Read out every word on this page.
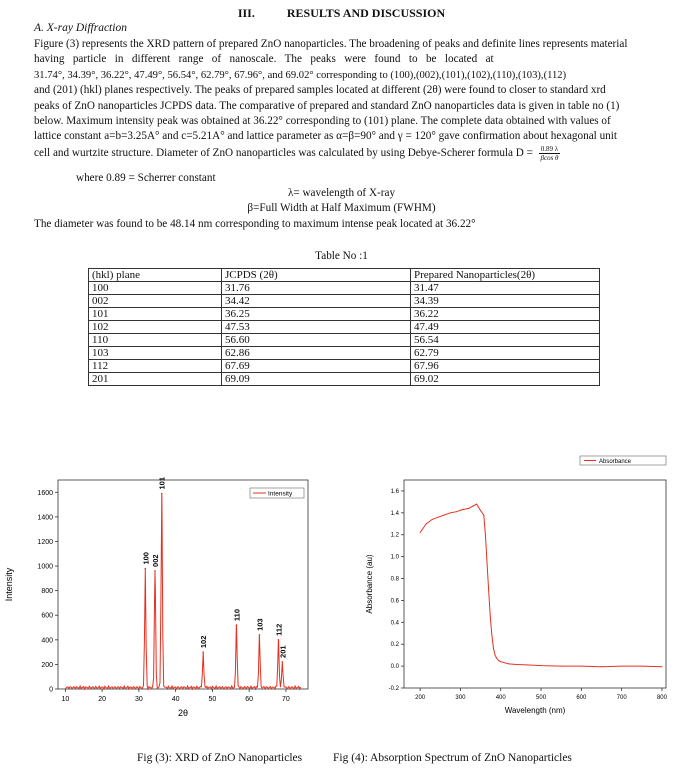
III.	RESULTS AND DISCUSSION
A. X-ray Diffraction

Figure (3) represents the XRD pattern of prepared ZnO nanoparticles. The broadening of peaks and definite lines represents material

having   particle   in   different   range   of   nanoscale.   The   peaks   were   found   to   be   located   at

31.74°, 34.39°, 36.22°, 47.49°, 56.54°, 62.79°, 67.96°, and 69.02° corresponding to (100),(002),(101),(102),(110),(103),(112)

and (201) (hkl) planes respectively. The peaks of prepared samples located at different (2θ) were found to closer to standard xrd

peaks of ZnO nanoparticles JCPDS data. The comparative of prepared and standard ZnO nanoparticles data is given in table no (1)

below. Maximum intensity peak was obtained at 36.22° corresponding to (101) plane. The complete data obtained with values of

lattice constant a=b=3.25A° and c=5.21A° and lattice parameter as α=β=90° and γ = 120° gave confirmation about hexagonal unit

cell and wurtzite structure. Diameter of ZnO nanoparticles was calculated by using Debye-Scherer formula $D = \frac{0.89 \lambda}{\text{βcos θ}}$

where 0.89 = Scherrer constant
λ= wavelength of X-ray
β=Full Width at Half Maximum (FWHM)
The diameter was found to be 48.14 nm corresponding to maximum intense peak located at 36.22°
Table No :1
(hkl) plane	JCPDS (2θ)	Prepared Nanoparticles(2θ)
100	31.76	31.47
002	34.42	34.39
101	36.25	36.22
102	47.53	47.49
110	56.60	56.54
103	62.86	62.79
112	67.69	67.96
201	69.09	69.02
10	20	30	40	50	60	70
0
200
400
600
800
1000
1200
1400
1600
2θ
Intensity
100 002
101
102
110
103 112
201
Intensity
200	300	400	500	600	700	800
-0.2
0.0
0.2
0.4
0.6
0.8
1.0
1.2
1.4
1.6
Wavelength (nm)
Absorbance (au)
Absorbance
Fig (3): XRD of ZnO Nanoparticles	Fig (4): Absorption Spectrum of ZnO Nanoparticles
